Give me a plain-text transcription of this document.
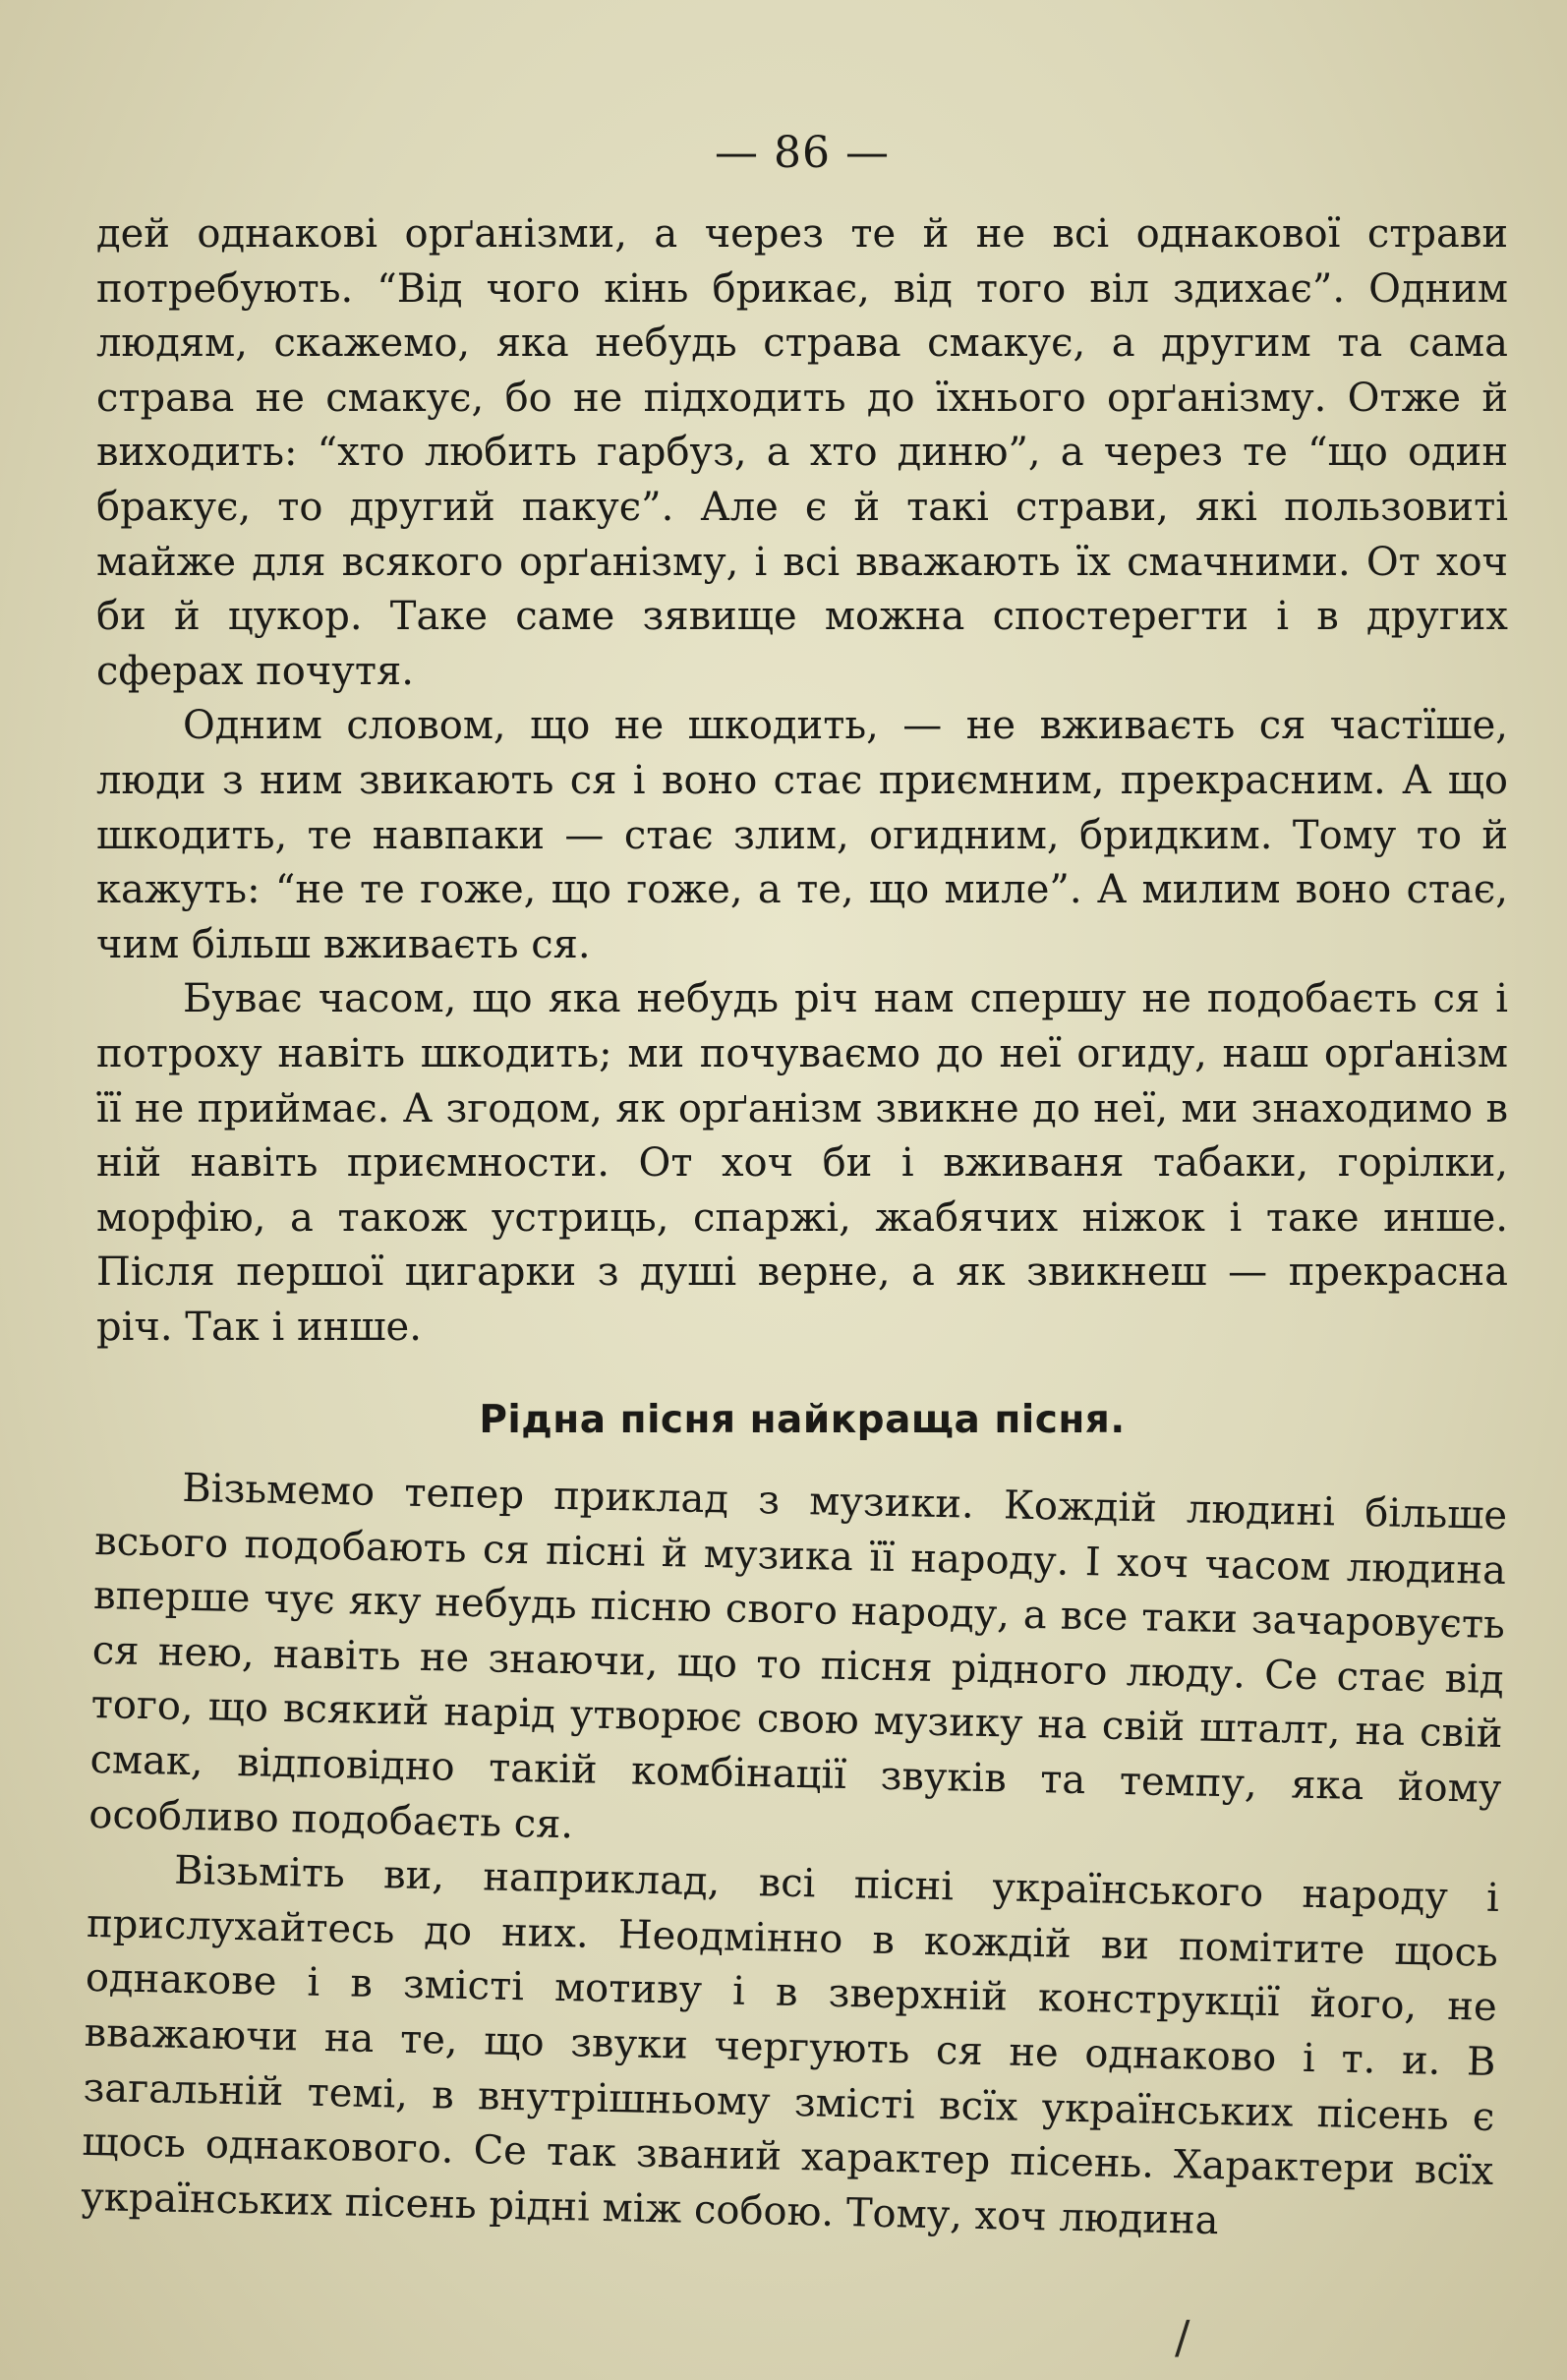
— 86 —

дей однакові орґанізми, а через те й не всі однакової страви потребують. “Від чого кінь брикає, від того віл здихає”. Одним людям, скажемо, яка небудь страва смакує, а другим та сама страва не смакує, бо не підходить до їхнього орґанізму. Отже й виходить: “хто любить гарбуз, а хто диню”, а через те “що один бракує, то другий пакує”. Але є й такі страви, які пользовиті майже для всякого орґанізму, і всі вважають їх смачними. От хоч би й цукор. Таке саме зявище можна спостерегти і в других сферах почутя.

Одним словом, що не шкодить, — не вживаєть ся частїше, люди з ним звикають ся і воно стає приємним, прекрасним. А що шкодить, те навпаки — стає злим, огидним, бридким. Тому то й кажуть: “не те гоже, що гоже, а те, що миле”. А милим воно стає, чим більш вживаєть ся.

Буває часом, що яка небудь річ нам спершу не подобаєть ся і потроху навіть шкодить; ми почуваємо до неї огиду, наш орґанізм її не приймає. А згодом, як орґанізм звикне до неї, ми знаходимо в ній навіть приємности. От хоч би і вживаня табаки, горілки, морфію, а також устриць, спаржі, жабячих ніжок і таке инше. Після першої цигарки з душі верне, а як звикнеш — прекрасна річ. Так і инше.

Рідна пісня найкраща пісня.

Візьмемо тепер приклад з музики. Кождій людині більше всього подобають ся пісні й музика її народу. І хоч часом людина вперше чує яку небудь пісню свого народу, а все таки зачаровуєть ся нею, навіть не знаючи, що то пісня рідного люду. Се стає від того, що всякий нарід утворює свою музику на свій шталт, на свій смак, відповідно такій комбінації звуків та темпу, яка йому особливо подобаєть ся.

Візьміть ви, наприклад, всі пісні українського народу і прислухайтесь до них. Неодмінно в кождій ви помітите щось однакове і в змісті мотиву і в зверхній конструкції його, не вважаючи на те, що звуки чергують ся не однаково і т. и. В загальній темі, в внутрішньому змісті всїх українських пісень є щось однакового. Се так званий характер пісень. Характери всїх українських пісень рідні між собою. Тому, хоч людина

/
